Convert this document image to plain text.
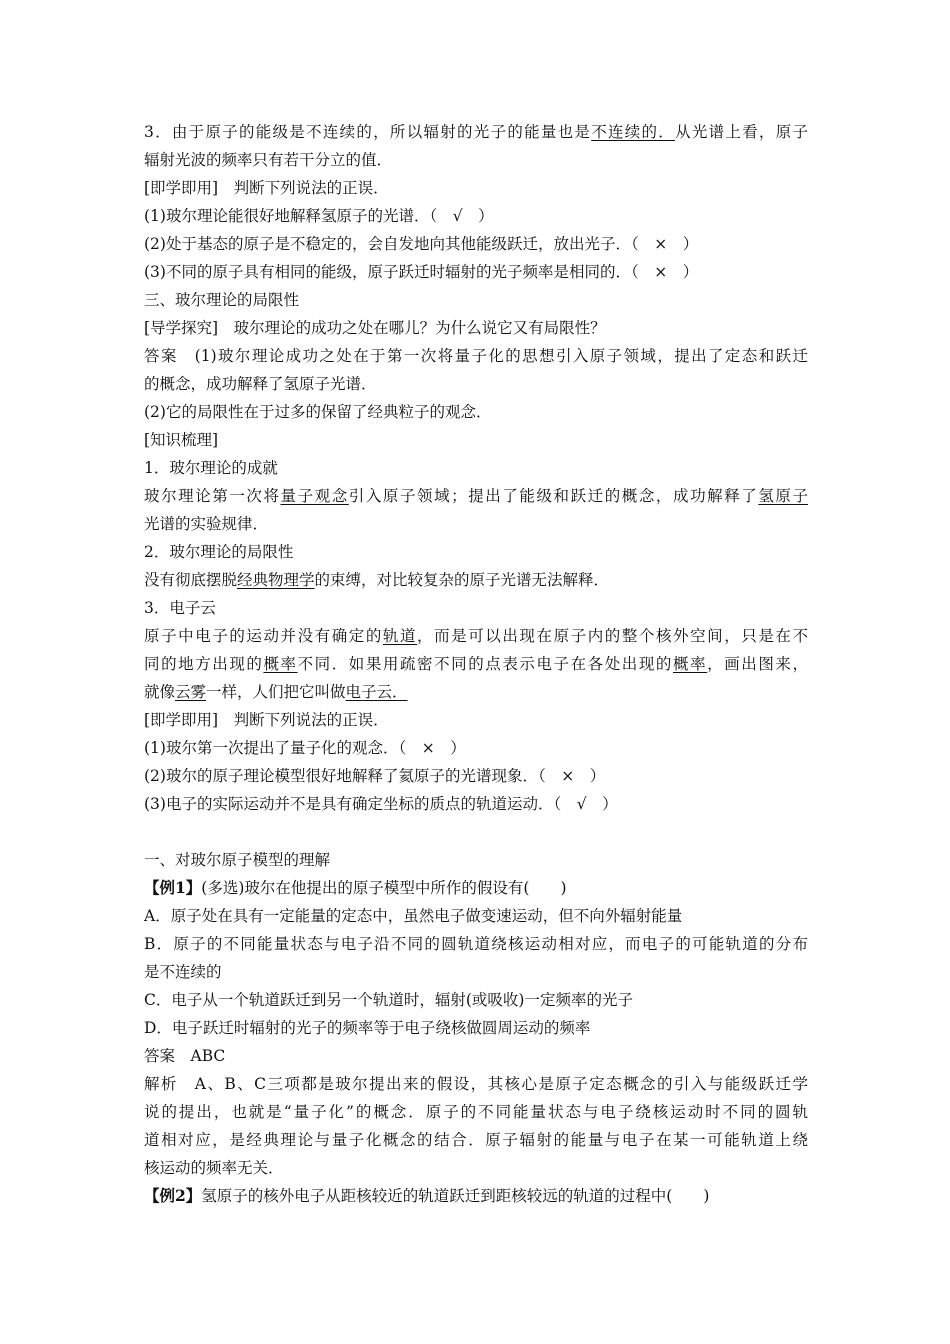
3．由于原子的能级是不连续的，所以辐射的光子的能量也是不连续的．从光谱上看，原子
辐射光波的频率只有若干分立的值．
[即学即用]　判断下列说法的正误．
(1)玻尔理论能很好地解释氢原子的光谱．（　√　）
(2)处于基态的原子是不稳定的，会自发地向其他能级跃迁，放出光子．（　×　）
(3)不同的原子具有相同的能级，原子跃迁时辐射的光子频率是相同的．（　×　）
三、玻尔理论的局限性
[导学探究]　玻尔理论的成功之处在哪儿？为什么说它又有局限性？
答案　(1)玻尔理论成功之处在于第一次将量子化的思想引入原子领域，提出了定态和跃迁
的概念，成功解释了氢原子光谱．
(2)它的局限性在于过多的保留了经典粒子的观念．
[知识梳理]
1．玻尔理论的成就
玻尔理论第一次将量子观念引入原子领域；提出了能级和跃迁的概念，成功解释了氢原子
光谱的实验规律．
2．玻尔理论的局限性
没有彻底摆脱经典物理学的束缚，对比较复杂的原子光谱无法解释．
3．电子云
原子中电子的运动并没有确定的轨道，而是可以出现在原子内的整个核外空间，只是在不
同的地方出现的概率不同．如果用疏密不同的点表示电子在各处出现的概率，画出图来，
就像云雾一样，人们把它叫做电子云．
[即学即用]　判断下列说法的正误．
(1)玻尔第一次提出了量子化的观念．（　×　）
(2)玻尔的原子理论模型很好地解释了氦原子的光谱现象．（　×　）
(3)电子的实际运动并不是具有确定坐标的质点的轨道运动．（　√　）
一、对玻尔原子模型的理解
【例1】(多选)玻尔在他提出的原子模型中所作的假设有(　　)
A．原子处在具有一定能量的定态中，虽然电子做变速运动，但不向外辐射能量
B．原子的不同能量状态与电子沿不同的圆轨道绕核运动相对应，而电子的可能轨道的分布
是不连续的
C．电子从一个轨道跃迁到另一个轨道时，辐射(或吸收)一定频率的光子
D．电子跃迁时辐射的光子的频率等于电子绕核做圆周运动的频率
答案　ABC
解析　A、B、C三项都是玻尔提出来的假设，其核心是原子定态概念的引入与能级跃迁学
说的提出，也就是“量子化”的概念．原子的不同能量状态与电子绕核运动时不同的圆轨
道相对应，是经典理论与量子化概念的结合．原子辐射的能量与电子在某一可能轨道上绕
核运动的频率无关．
【例2】氢原子的核外电子从距核较近的轨道跃迁到距核较远的轨道的过程中(　　)
